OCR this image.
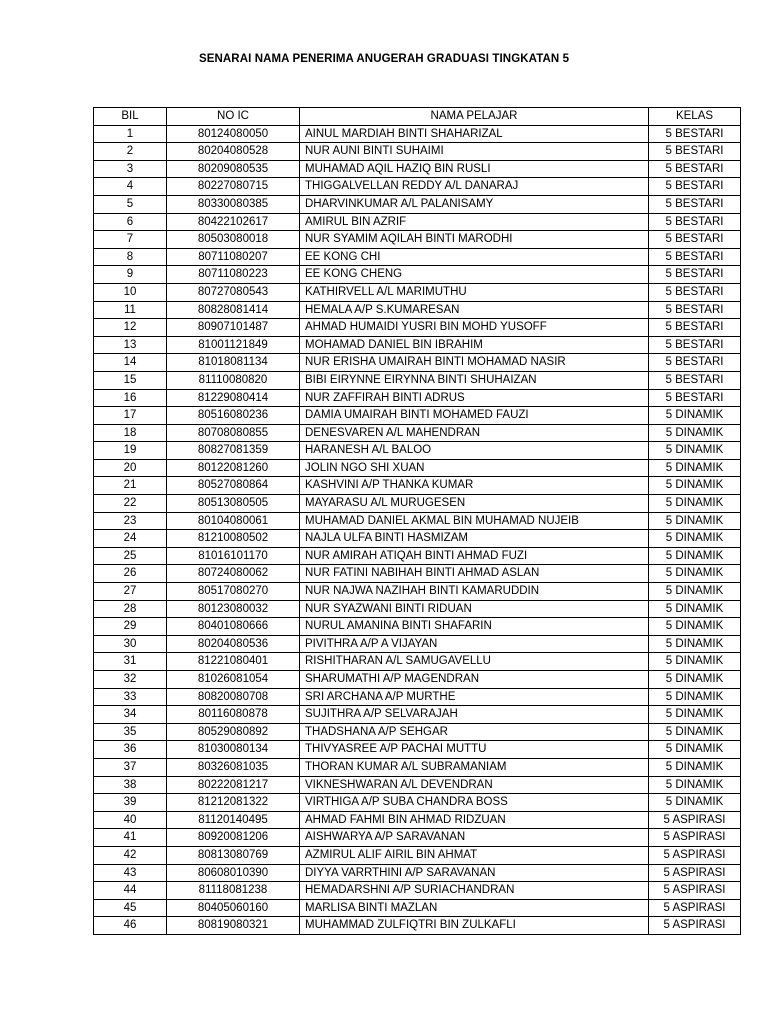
SENARAI NAMA PENERIMA ANUGERAH GRADUASI TINGKATAN 5
BIL	NO IC	NAMA PELAJAR	KELAS
1	80124080050	AINUL MARDIAH BINTI SHAHARIZAL	5 BESTARI
2	80204080528	NUR AUNI BINTI SUHAIMI	5 BESTARI
3	80209080535	MUHAMAD AQIL HAZIQ BIN RUSLI	5 BESTARI
4	80227080715	THIGGALVELLAN REDDY A/L DANARAJ	5 BESTARI
5	80330080385	DHARVINKUMAR A/L PALANISAMY	5 BESTARI
6	80422102617	AMIRUL BIN AZRIF	5 BESTARI
7	80503080018	NUR SYAMIM AQILAH BINTI MARODHI	5 BESTARI
8	80711080207	EE KONG CHI	5 BESTARI
9	80711080223	EE KONG CHENG	5 BESTARI
10	80727080543	KATHIRVELL A/L MARIMUTHU	5 BESTARI
11	80828081414	HEMALA A/P S.KUMARESAN	5 BESTARI
12	80907101487	AHMAD HUMAIDI YUSRI BIN MOHD YUSOFF	5 BESTARI
13	81001121849	MOHAMAD DANIEL BIN IBRAHIM	5 BESTARI
14	81018081134	NUR ERISHA UMAIRAH BINTI MOHAMAD NASIR	5 BESTARI
15	81110080820	BIBI EIRYNNE EIRYNNA BINTI SHUHAIZAN	5 BESTARI
16	81229080414	NUR ZAFFIRAH BINTI ADRUS	5 BESTARI
17	80516080236	DAMIA UMAIRAH BINTI MOHAMED FAUZI	5 DINAMIK
18	80708080855	DENESVAREN A/L MAHENDRAN	5 DINAMIK
19	80827081359	HARANESH A/L BALOO	5 DINAMIK
20	80122081260	JOLIN NGO SHI XUAN	5 DINAMIK
21	80527080864	KASHVINI A/P THANKA KUMAR	5 DINAMIK
22	80513080505	MAYARASU A/L MURUGESEN	5 DINAMIK
23	80104080061	MUHAMAD DANIEL AKMAL BIN MUHAMAD NUJEIB	5 DINAMIK
24	81210080502	NAJLA ULFA BINTI HASMIZAM	5 DINAMIK
25	81016101170	NUR AMIRAH ATIQAH BINTI AHMAD FUZI	5 DINAMIK
26	80724080062	NUR FATINI NABIHAH BINTI AHMAD ASLAN	5 DINAMIK
27	80517080270	NUR NAJWA NAZIHAH BINTI KAMARUDDIN	5 DINAMIK
28	80123080032	NUR SYAZWANI BINTI RIDUAN	5 DINAMIK
29	80401080666	NURUL AMANINA BINTI SHAFARIN	5 DINAMIK
30	80204080536	PIVITHRA A/P A VIJAYAN	5 DINAMIK
31	81221080401	RISHITHARAN A/L SAMUGAVELLU	5 DINAMIK
32	81026081054	SHARUMATHI A/P MAGENDRAN	5 DINAMIK
33	80820080708	SRI ARCHANA A/P MURTHE	5 DINAMIK
34	80116080878	SUJITHRA A/P SELVARAJAH	5 DINAMIK
35	80529080892	THADSHANA A/P SEHGAR	5 DINAMIK
36	81030080134	THIVYASREE A/P PACHAI MUTTU	5 DINAMIK
37	80326081035	THORAN KUMAR A/L SUBRAMANIAM	5 DINAMIK
38	80222081217	VIKNESHWARAN A/L DEVENDRAN	5 DINAMIK
39	81212081322	VIRTHIGA A/P SUBA CHANDRA BOSS	5 DINAMIK
40	81120140495	AHMAD FAHMI BIN AHMAD RIDZUAN	5 ASPIRASI
41	80920081206	AISHWARYA A/P SARAVANAN	5 ASPIRASI
42	80813080769	AZMIRUL ALIF AIRIL BIN AHMAT	5 ASPIRASI
43	80608010390	DIYYA VARRTHINI A/P SARAVANAN	5 ASPIRASI
44	81118081238	HEMADARSHNI A/P SURIACHANDRAN	5 ASPIRASI
45	80405060160	MARLISA BINTI MAZLAN	5 ASPIRASI
46	80819080321	MUHAMMAD ZULFIQTRI BIN ZULKAFLI	5 ASPIRASI
